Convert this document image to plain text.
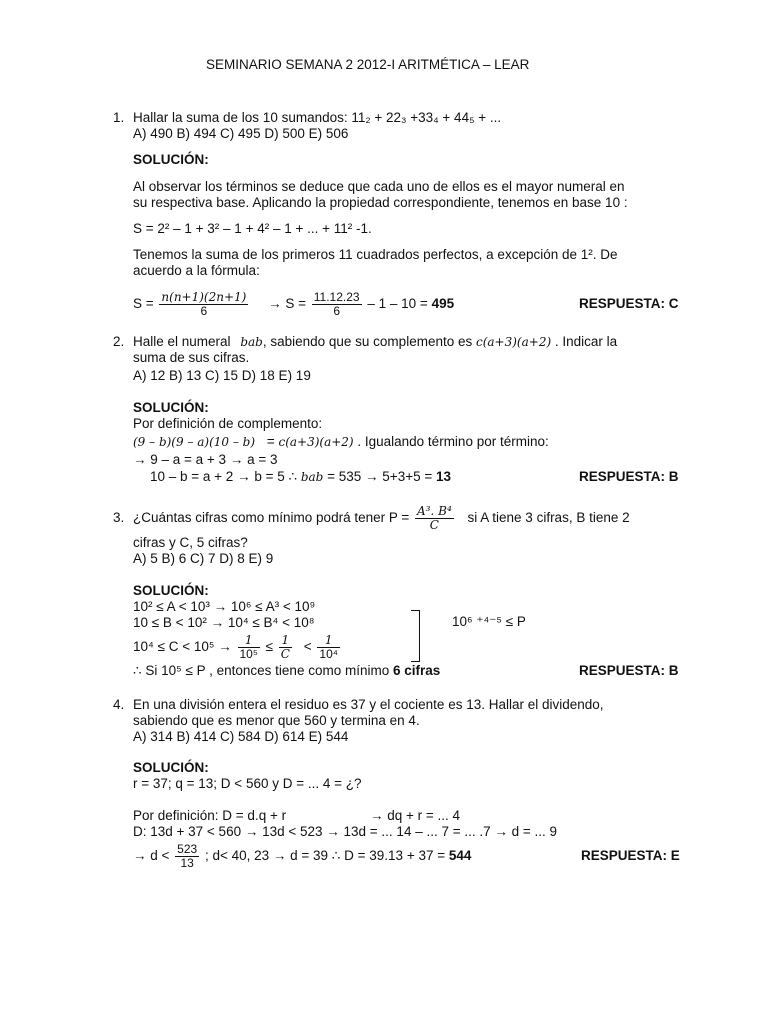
SEMINARIO SEMANA 2 2012-I ARITMÉTICA – LEAR
1. Hallar la suma de los 10 sumandos: 11₂ + 22₃ +33₄ + 44₅ + ...
A) 490 B) 494 C) 495 D) 500 E) 506
SOLUCIÓN:
Al observar los términos se deduce que cada uno de ellos es el mayor numeral en
su respectiva base. Aplicando la propiedad correspondiente, tenemos en base 10 :
S = 2² – 1 + 3² – 1 + 4² – 1 + ... + 11² -1.
Tenemos la suma de los primeros 11 cuadrados perfectos, a excepción de 1². De
acuerdo a la fórmula:
$S = \frac{n(n+1)(2n+1)}{6} \to S = \frac{11.12.23}{6} - 1 - 10 = 495$	RESPUESTA: C
2. Halle el numeral bab, sabiendo que su complemento es c(a+3)(a+2) . Indicar la
suma de sus cifras.
A) 12 B) 13 C) 15 D) 18 E) 19
SOLUCIÓN:
Por definición de complemento:
(9 – b)(9 – a)(10 – b) = c(a+3)(a+2) . Igualando término por término:
→ 9 – a = a + 3 → a = 3
10 – b = a + 2 → b = 5 ∴ bab = 535 → 5+3+5 = 13	RESPUESTA: B
3. ¿Cuántas cifras como mínimo podrá tener $P = \frac{\text{A³. B⁴}}{C}$ si A tiene 3 cifras, B tiene 2
cifras y C, 5 cifras?
A) 5 B) 6 C) 7 D) 8 E) 9
SOLUCIÓN:
10² ≤ A < 10³ → 10⁶ ≤ A³ < 10⁹
10 ≤ B < 10² → 10⁴ ≤ B⁴ < 10⁸
$10^4 \le C < 10^5 \to \frac{1}{\text{10⁵}} \le \frac{1}{C} < \frac{1}{\text{10⁴}}$
10⁶ ⁺⁴⁻⁵ ≤ P
∴ Si 10⁵ ≤ P , entonces tiene como mínimo 6 cifras	RESPUESTA: B
4. En una división entera el residuo es 37 y el cociente es 13. Hallar el dividendo,
sabiendo que es menor que 560 y termina en 4.
A) 314 B) 414 C) 584 D) 614 E) 544
SOLUCIÓN:
r = 37; q = 13; D < 560 y D = ... 4 = ¿?
Por definición: D = d.q + r	→ dq + r = ... 4
D: 13d + 37 < 560 → 13d < 523 → 13d = ... 14 – ... 7 = ... .7 → d = ... 9
→ $d < \frac{523}{13}$ ; d< 40, 23 → d = 39 ∴ D = 39.13 + 37 = 544	RESPUESTA: E
